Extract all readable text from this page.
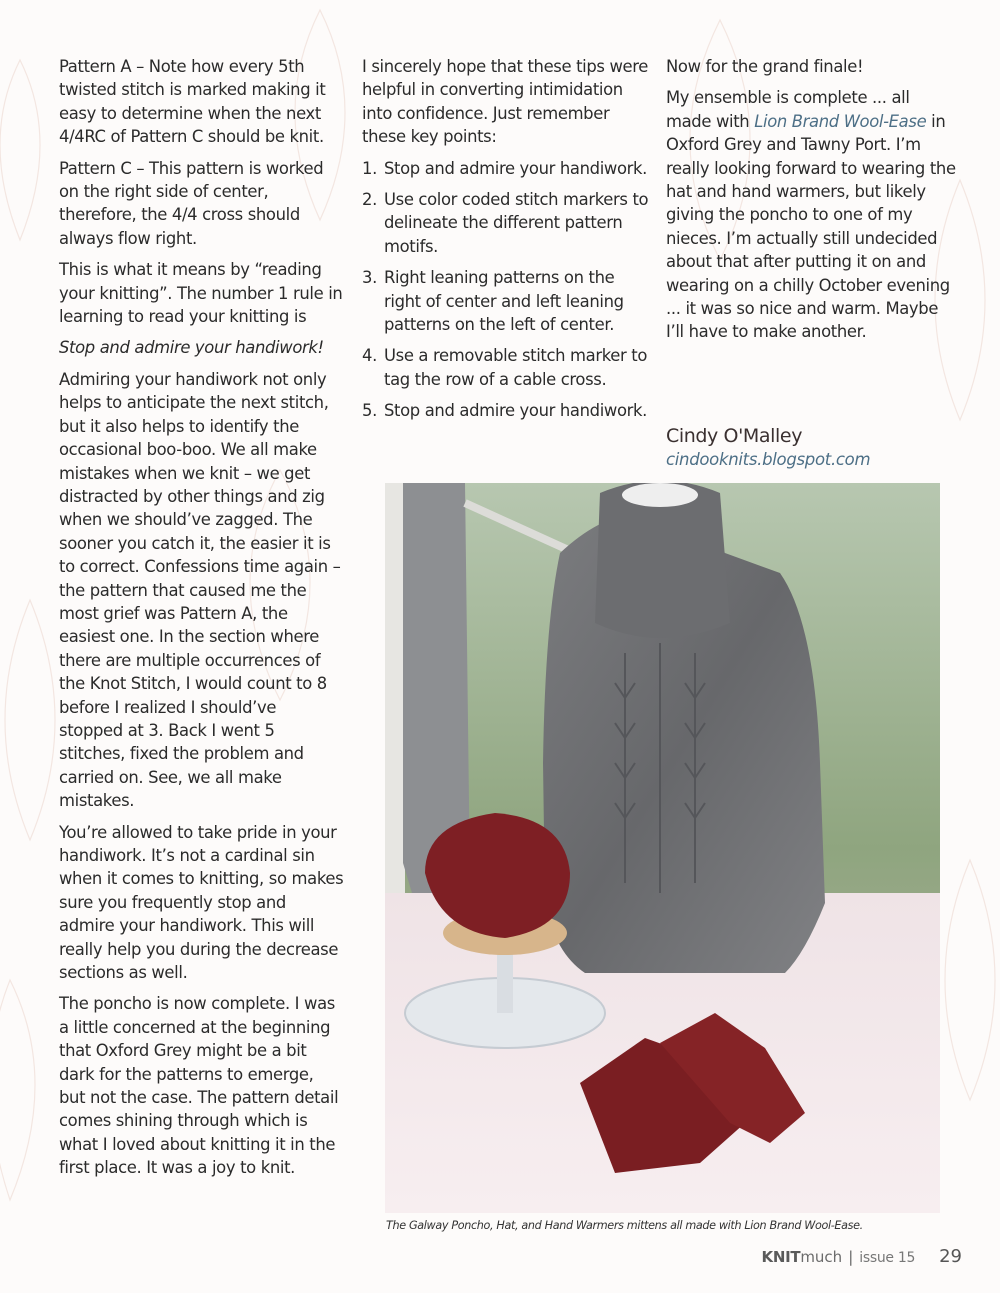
Pattern A – Note how every 5th twisted stitch is marked making it easy to determine when the next 4/4RC of Pattern C should be knit.

Pattern C – This pattern is worked on the right side of center, therefore, the 4/4 cross should always flow right.

This is what it means by “reading your knitting”. The number 1 rule in learning to read your knitting is

Stop and admire your handiwork!

Admiring your handiwork not only helps to anticipate the next stitch, but it also helps to identify the occasional boo-boo. We all make mistakes when we knit – we get distracted by other things and zig when we should’ve zagged. The sooner you catch it, the easier it is to correct. Confessions time again – the pattern that caused me the most grief was Pattern A, the easiest one. In the section where there are multiple occurrences of the Knot Stitch, I would count to 8 before I realized I should’ve stopped at 3. Back I went 5 stitches, fixed the problem and carried on. See, we all make mistakes.

You’re allowed to take pride in your handiwork. It’s not a cardinal sin when it comes to knitting, so makes sure you frequently stop and admire your handiwork. This will really help you during the decrease sections as well.

The poncho is now complete. I was a little concerned at the beginning that Oxford Grey might be a bit dark for the patterns to emerge, but not the case. The pattern detail comes shining through which is what I loved about knitting it in the first place. It was a joy to knit.

I sincerely hope that these tips were helpful in converting intimidation into confidence. Just remember these key points:

1. Stop and admire your handiwork.
2. Use color coded stitch markers to delineate the different pattern motifs.
3. Right leaning patterns on the right of center and left leaning patterns on the left of center.
4. Use a removable stitch marker to tag the row of a cable cross.
5. Stop and admire your handiwork.

Now for the grand finale!

My ensemble is complete ... all made with Lion Brand Wool-Ease in Oxford Grey and Tawny Port. I’m really looking forward to wearing the hat and hand warmers, but likely giving the poncho to one of my nieces. I’m actually still undecided about that after putting it on and wearing on a chilly October evening ... it was so nice and warm. Maybe I’ll have to make another.

Cindy O'Malley
cindooknits.blogspot.com
The Galway Poncho, Hat, and Hand Warmers mittens all made with Lion Brand Wool-Ease.
KNIT much | issue 15 29
